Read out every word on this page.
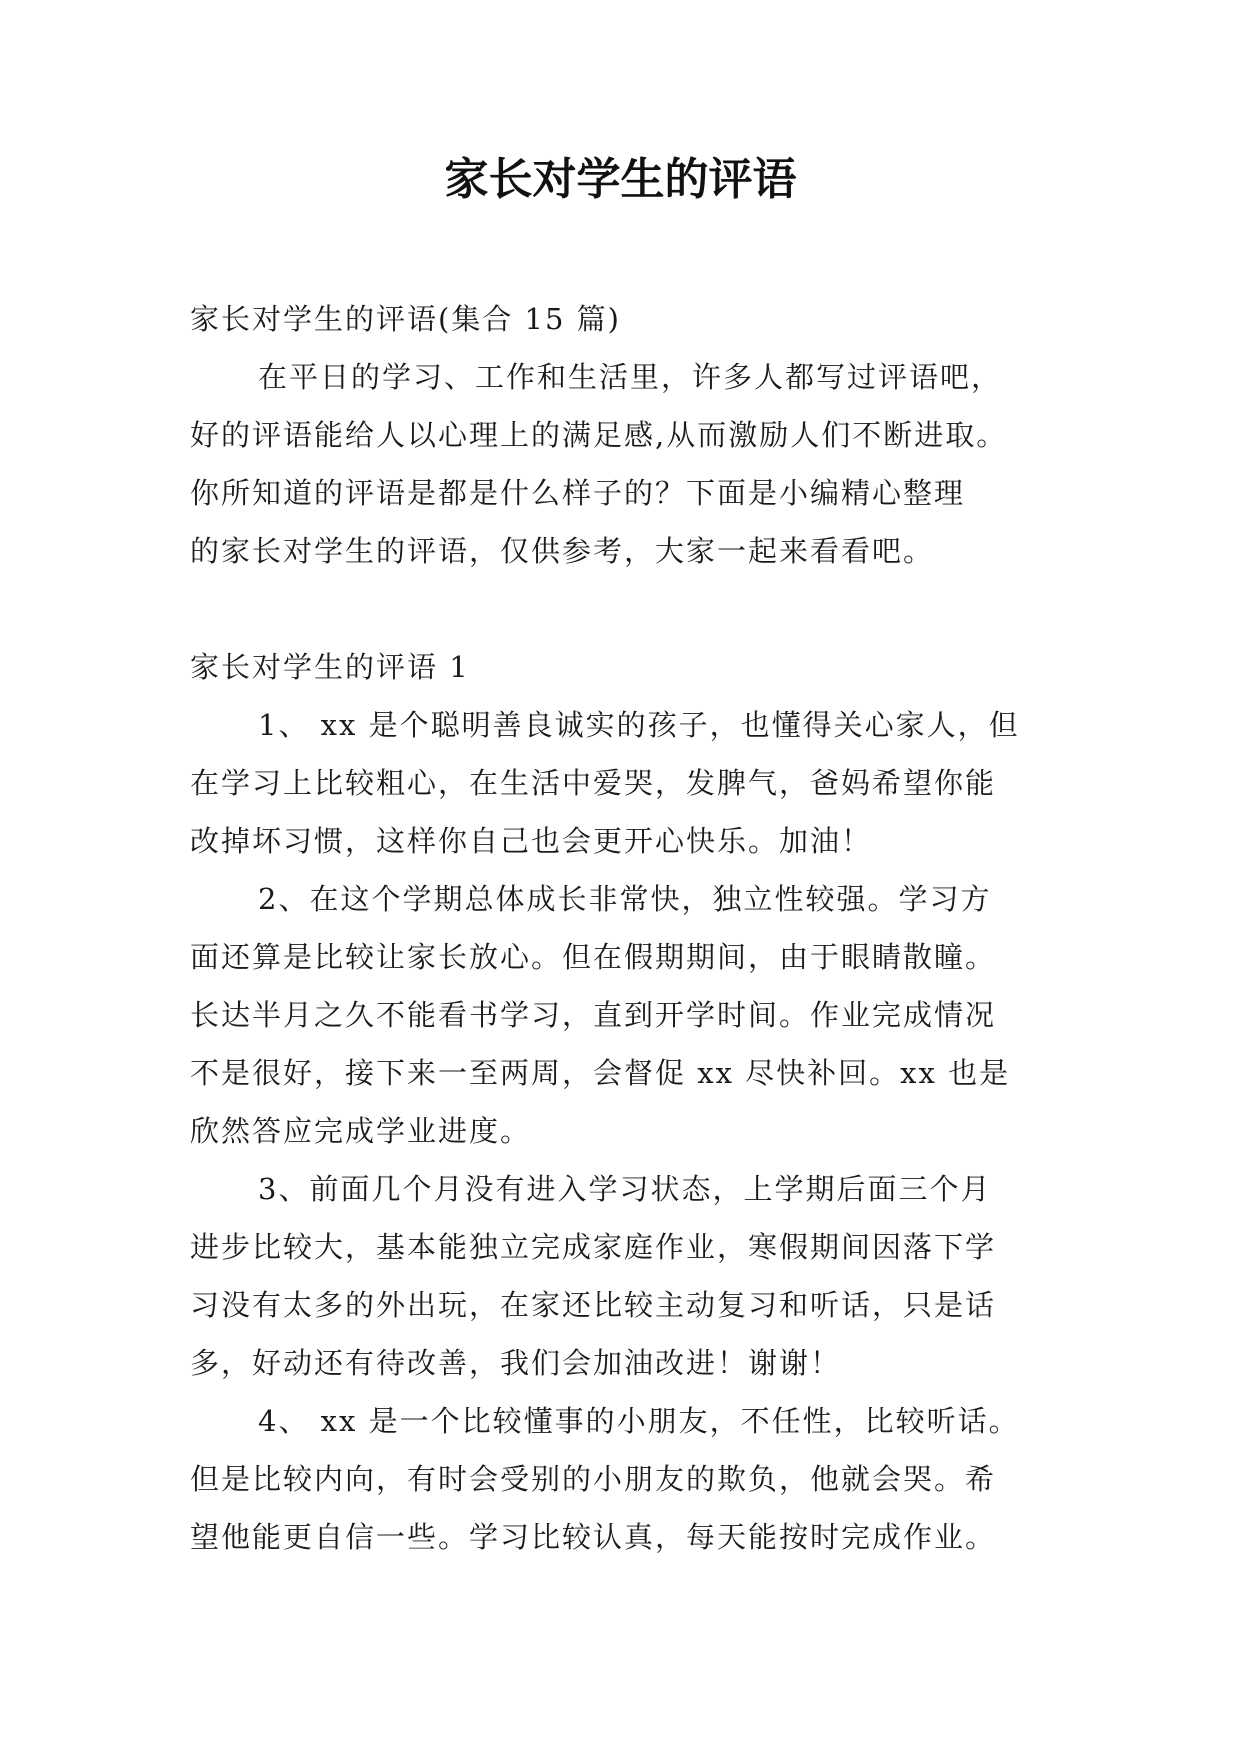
家长对学生的评语
家长对学生的评语(集合 15 篇)
在平日的学习、工作和生活里，许多人都写过评语吧，
好的评语能给人以心理上的满足感,从而激励人们不断进取。
你所知道的评语是都是什么样子的？下面是小编精心整理
的家长对学生的评语，仅供参考，大家一起来看看吧。
家长对学生的评语 1
1、 xx 是个聪明善良诚实的孩子，也懂得关心家人，但
在学习上比较粗心，在生活中爱哭，发脾气，爸妈希望你能
改掉坏习惯，这样你自己也会更开心快乐。加油！
2、在这个学期总体成长非常快，独立性较强。学习方
面还算是比较让家长放心。但在假期期间，由于眼睛散瞳。
长达半月之久不能看书学习，直到开学时间。作业完成情况
不是很好，接下来一至两周，会督促 xx 尽快补回。xx 也是
欣然答应完成学业进度。
3、前面几个月没有进入学习状态，上学期后面三个月
进步比较大，基本能独立完成家庭作业，寒假期间因落下学
习没有太多的外出玩，在家还比较主动复习和听话，只是话
多，好动还有待改善，我们会加油改进！谢谢！
4、 xx 是一个比较懂事的小朋友，不任性，比较听话。
但是比较内向，有时会受别的小朋友的欺负，他就会哭。希
望他能更自信一些。学习比较认真，每天能按时完成作业。
